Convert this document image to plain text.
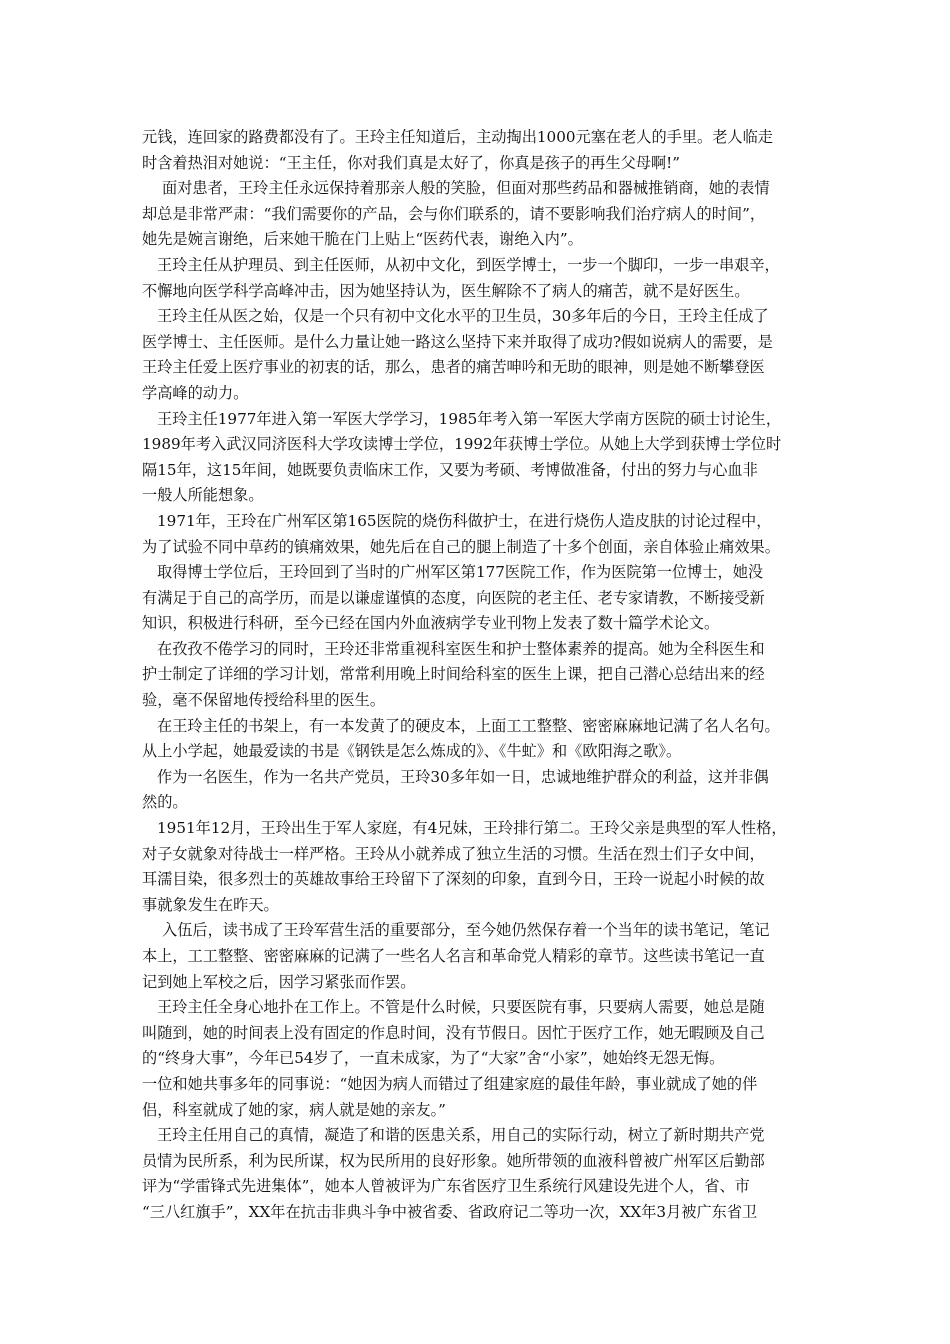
元钱，连回家的路费都没有了。王玲主任知道后，主动掏出1000元塞在老人的手里。老人临走
时含着热泪对她说：“王主任，你对我们真是太好了，你真是孩子的再生父母啊!”
面对患者，王玲主任永远保持着那亲人般的笑脸，但面对那些药品和器械推销商，她的表情
却总是非常严肃：“我们需要你的产品，会与你们联系的，请不要影响我们治疗病人的时间”，
她先是婉言谢绝，后来她干脆在门上贴上“医药代表，谢绝入内”。
王玲主任从护理员、到主任医师，从初中文化，到医学博士，一步一个脚印，一步一串艰辛，
不懈地向医学科学高峰冲击，因为她坚持认为，医生解除不了病人的痛苦，就不是好医生。
王玲主任从医之始，仅是一个只有初中文化水平的卫生员，30多年后的今日，王玲主任成了
医学博士、主任医师。是什么力量让她一路这么坚持下来并取得了成功?假如说病人的需要，是
王玲主任爱上医疗事业的初衷的话，那么，患者的痛苦呻吟和无助的眼神，则是她不断攀登医
学高峰的动力。
王玲主任1977年进入第一军医大学学习，1985年考入第一军医大学南方医院的硕士讨论生，
1989年考入武汉同济医科大学攻读博士学位，1992年获博士学位。从她上大学到获博士学位时
隔15年，这15年间，她既要负责临床工作，又要为考硕、考博做准备，付出的努力与心血非
一般人所能想象。
1971年，王玲在广州军区第165医院的烧伤科做护士，在进行烧伤人造皮肤的讨论过程中，
为了试验不同中草药的镇痛效果，她先后在自己的腿上制造了十多个创面，亲自体验止痛效果。
取得博士学位后，王玲回到了当时的广州军区第177医院工作，作为医院第一位博士，她没
有满足于自己的高学历，而是以谦虚谨慎的态度，向医院的老主任、老专家请教，不断接受新
知识，积极进行科研，至今已经在国内外血液病学专业刊物上发表了数十篇学术论文。
在孜孜不倦学习的同时，王玲还非常重视科室医生和护士整体素养的提高。她为全科医生和
护士制定了详细的学习计划，常常利用晚上时间给科室的医生上课，把自己潜心总结出来的经
验，毫不保留地传授给科里的医生。
在王玲主任的书架上，有一本发黄了的硬皮本，上面工工整整、密密麻麻地记满了名人名句。
从上小学起，她最爱读的书是《钢铁是怎么炼成的》、《牛虻》和《欧阳海之歌》。
作为一名医生，作为一名共产党员，王玲30多年如一日，忠诚地维护群众的利益，这并非偶
然的。
1951年12月，王玲出生于军人家庭，有4兄妹，王玲排行第二。王玲父亲是典型的军人性格，
对子女就象对待战士一样严格。王玲从小就养成了独立生活的习惯。生活在烈士们子女中间，
耳濡目染，很多烈士的英雄故事给王玲留下了深刻的印象，直到今日，王玲一说起小时候的故
事就象发生在昨天。
入伍后，读书成了王玲军营生活的重要部分，至今她仍然保存着一个当年的读书笔记，笔记
本上，工工整整、密密麻麻的记满了一些名人名言和革命党人精彩的章节。这些读书笔记一直
记到她上军校之后，因学习紧张而作罢。
王玲主任全身心地扑在工作上。不管是什么时候，只要医院有事，只要病人需要，她总是随
叫随到，她的时间表上没有固定的作息时间，没有节假日。因忙于医疗工作，她无暇顾及自己
的“终身大事”，今年已54岁了，一直未成家，为了“大家”舍“小家”，她始终无怨无悔。
一位和她共事多年的同事说：“她因为病人而错过了组建家庭的最佳年龄，事业就成了她的伴
侣，科室就成了她的家，病人就是她的亲友。”
王玲主任用自己的真情，凝造了和谐的医患关系，用自己的实际行动，树立了新时期共产党
员情为民所系，利为民所谋，权为民所用的良好形象。她所带领的血液科曾被广州军区后勤部
评为“学雷锋式先进集体”，她本人曾被评为广东省医疗卫生系统行风建设先进个人，省、市
“三八红旗手”，XX年在抗击非典斗争中被省委、省政府记二等功一次，XX年3月被广东省卫
